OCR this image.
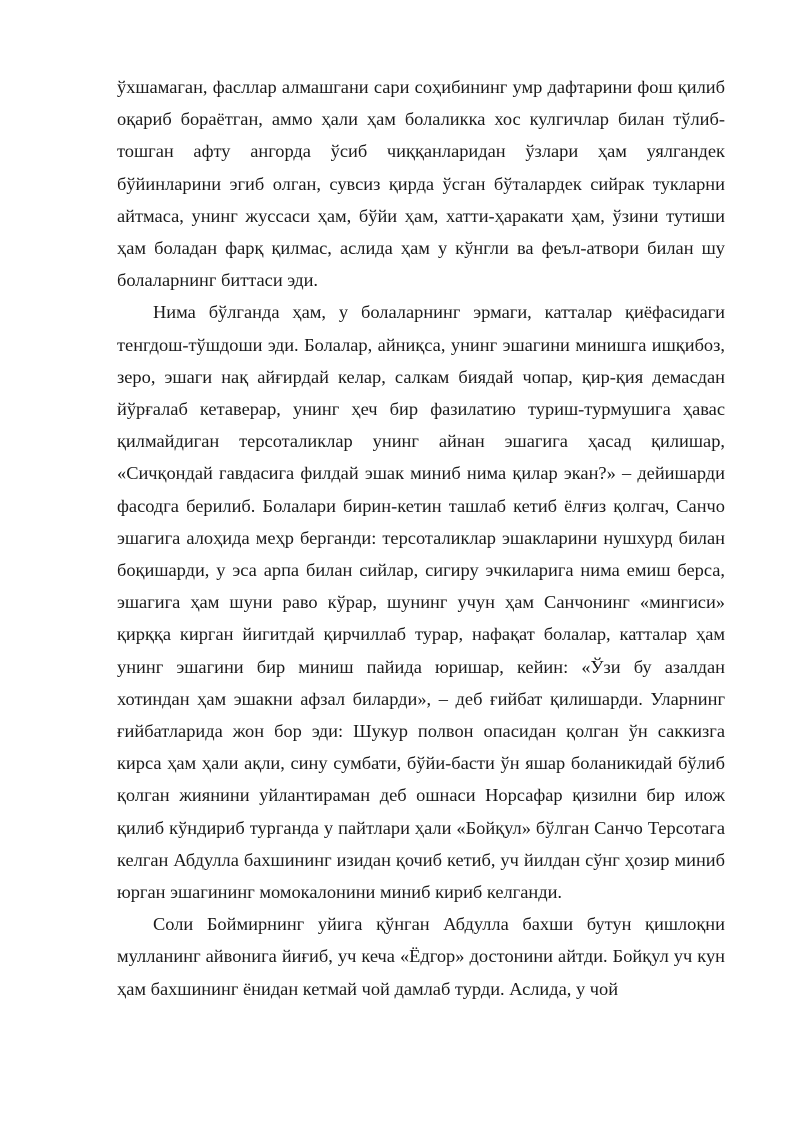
ўхшамаган, фасллар алмашгани сари соҳибининг умр дафтарини фош қилиб оқариб бораётган, аммо ҳали ҳам болаликка хос кулгичлар билан тўлиб-тошган афту ангорда ўсиб чиққанларидан ўзлари ҳам уялгандек бўйинларини эгиб олган, сувсиз қирда ўсган бўталардек сийрак тукларни айтмаса, унинг жуссаси ҳам, бўйи ҳам, хатти-ҳаракати ҳам, ўзини тутиши ҳам боладан фарқ қилмас, аслида ҳам у кўнгли ва феъл-атвори билан шу болаларнинг биттаси эди.

Нима бўлганда ҳам, у болаларнинг эрмаги, катталар қиёфасидаги тенгдош-тўшдоши эди. Болалар, айниқса, унинг эшагини минишга ишқибоз, зеро, эшаги нақ айғирдай келар, салкам биядай чопар, қир-қия демасдан йўрғалаб кетаверар, унинг ҳеч бир фазилатию туриш-турмушига ҳавас қилмайдиган терсоталиклар унинг айнан эшагига ҳасад қилишар, «Сичқондай гавдасига филдай эшак миниб нима қилар экан?» – дейишарди фасодга берилиб. Болалари бирин-кетин ташлаб кетиб ёлғиз қолгач, Санчо эшагига алоҳида меҳр берганди: терсоталиклар эшакларини нушхурд билан боқишарди, у эса арпа билан сийлар, сигиру эчкиларига нима емиш берса, эшагига ҳам шуни раво кўрар, шунинг учун ҳам Санчонинг «мингиси» қирққа кирган йигитдай қирчиллаб турар, нафақат болалар, катталар ҳам унинг эшагини бир миниш пайида юришар, кейин: «Ўзи бу азалдан хотиндан ҳам эшакни афзал биларди», – деб ғийбат қилишарди. Уларнинг ғийбатларида жон бор эди: Шукур полвон опасидан қолган ўн саккизга кирса ҳам ҳали ақли, сину сумбати, бўйи-басти ўн яшар боланикидай бўлиб қолган жиянини уйлантираман деб ошнаси Норсафар қизилни бир илож қилиб кўндириб турганда у пайтлари ҳали «Бойқул» бўлган Санчо Терсотага келган Абдулла бахшининг изидан қочиб кетиб, уч йилдан сўнг ҳозир миниб юрган эшагининг момокалонини миниб кириб келганди.

Соли Боймирнинг уйига қўнган Абдулла бахши бутун қишлоқни мулланинг айвонига йиғиб, уч кеча «Ёдгор» достонини айтди. Бойқул уч кун ҳам бахшининг ёнидан кетмай чой дамлаб турди. Аслида, у чой
